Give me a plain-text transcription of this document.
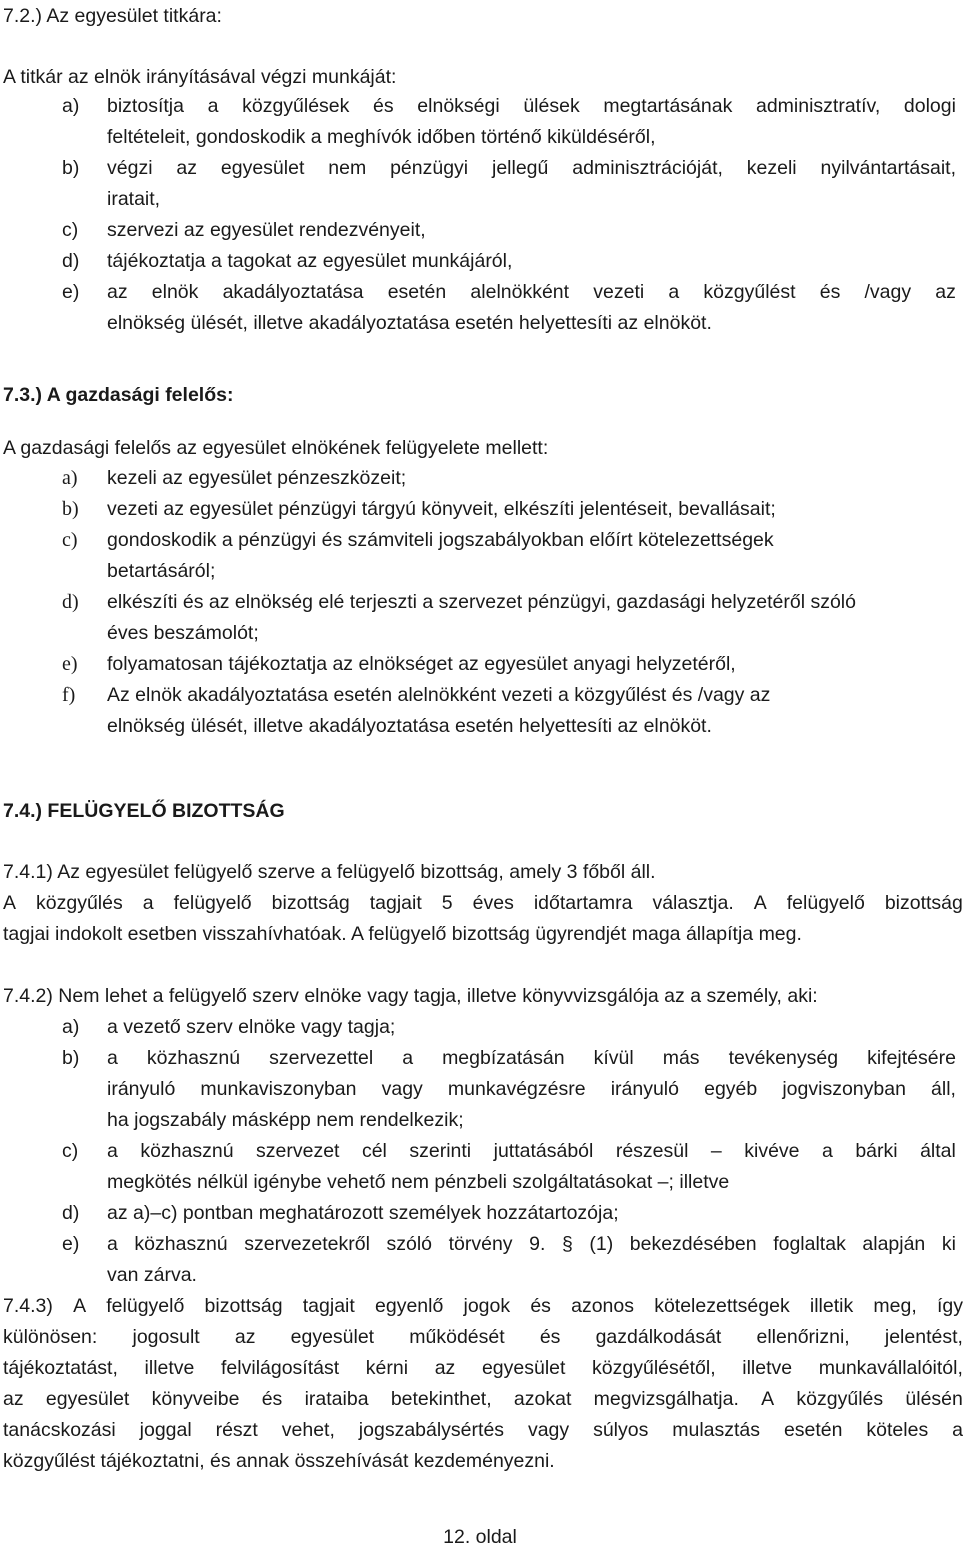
7.2.) Az egyesület titkára:
A titkár az elnök irányításával végzi munkáját:
a) biztosítja a közgyűlések és elnökségi ülések megtartásának adminisztratív, dologi
feltételeit, gondoskodik a meghívók időben történő kiküldéséről,
b) végzi az egyesület nem pénzügyi jellegű adminisztrációját, kezeli nyilvántartásait,
iratait,
c) szervezi az egyesület rendezvényeit,
d) tájékoztatja a tagokat az egyesület munkájáról,
e) az elnök akadályoztatása esetén alelnökként vezeti a közgyűlést és /vagy az
elnökség ülését, illetve akadályoztatása esetén helyettesíti az elnököt.
7.3.) A gazdasági felelős:
A gazdasági felelős az egyesület elnökének felügyelete mellett:
a) kezeli az egyesület pénzeszközeit;
b) vezeti az egyesület pénzügyi tárgyú könyveit, elkészíti jelentéseit, bevallásait;
c) gondoskodik a pénzügyi és számviteli jogszabályokban előírt kötelezettségek
betartásáról;
d) elkészíti és az elnökség elé terjeszti a szervezet pénzügyi, gazdasági helyzetéről szóló
éves beszámolót;
e) folyamatosan tájékoztatja az elnökséget az egyesület anyagi helyzetéről,
f) Az elnök akadályoztatása esetén alelnökként vezeti a közgyűlést és /vagy az
elnökség ülését, illetve akadályoztatása esetén helyettesíti az elnököt.
7.4.) FELÜGYELŐ BIZOTTSÁG
7.4.1) Az egyesület felügyelő szerve a felügyelő bizottság, amely 3 főből áll.
A közgyűlés a felügyelő bizottság tagjait 5 éves időtartamra választja. A felügyelő bizottság
tagjai indokolt esetben visszahívhatóak. A felügyelő bizottság ügyrendjét maga állapítja meg.
7.4.2) Nem lehet a felügyelő szerv elnöke vagy tagja, illetve könyvvizsgálója az a személy, aki:
a) a vezető szerv elnöke vagy tagja;
b) a közhasznú szervezettel a megbízatásán kívül más tevékenység kifejtésére
irányuló munkaviszonyban vagy munkavégzésre irányuló egyéb jogviszonyban áll,
ha jogszabály másképp nem rendelkezik;
c) a közhasznú szervezet cél szerinti juttatásából részesül – kivéve a bárki által
megkötés nélkül igénybe vehető nem pénzbeli szolgáltatásokat –; illetve
d) az a)–c) pontban meghatározott személyek hozzátartozója;
e) a közhasznú szervezetekről szóló törvény 9. § (1) bekezdésében foglaltak alapján ki
van zárva.
7.4.3) A felügyelő bizottság tagjait egyenlő jogok és azonos kötelezettségek illetik meg, így
különösen: jogosult az egyesület működését és gazdálkodását ellenőrizni, jelentést,
tájékoztatást, illetve felvilágosítást kérni az egyesület közgyűlésétől, illetve munkavállalóitól,
az egyesület könyveibe és irataiba betekinthet, azokat megvizsgálhatja. A közgyűlés ülésén
tanácskozási joggal részt vehet, jogszabálysértés vagy súlyos mulasztás esetén köteles a
közgyűlést tájékoztatni, és annak összehívását kezdeményezni.
12. oldal
